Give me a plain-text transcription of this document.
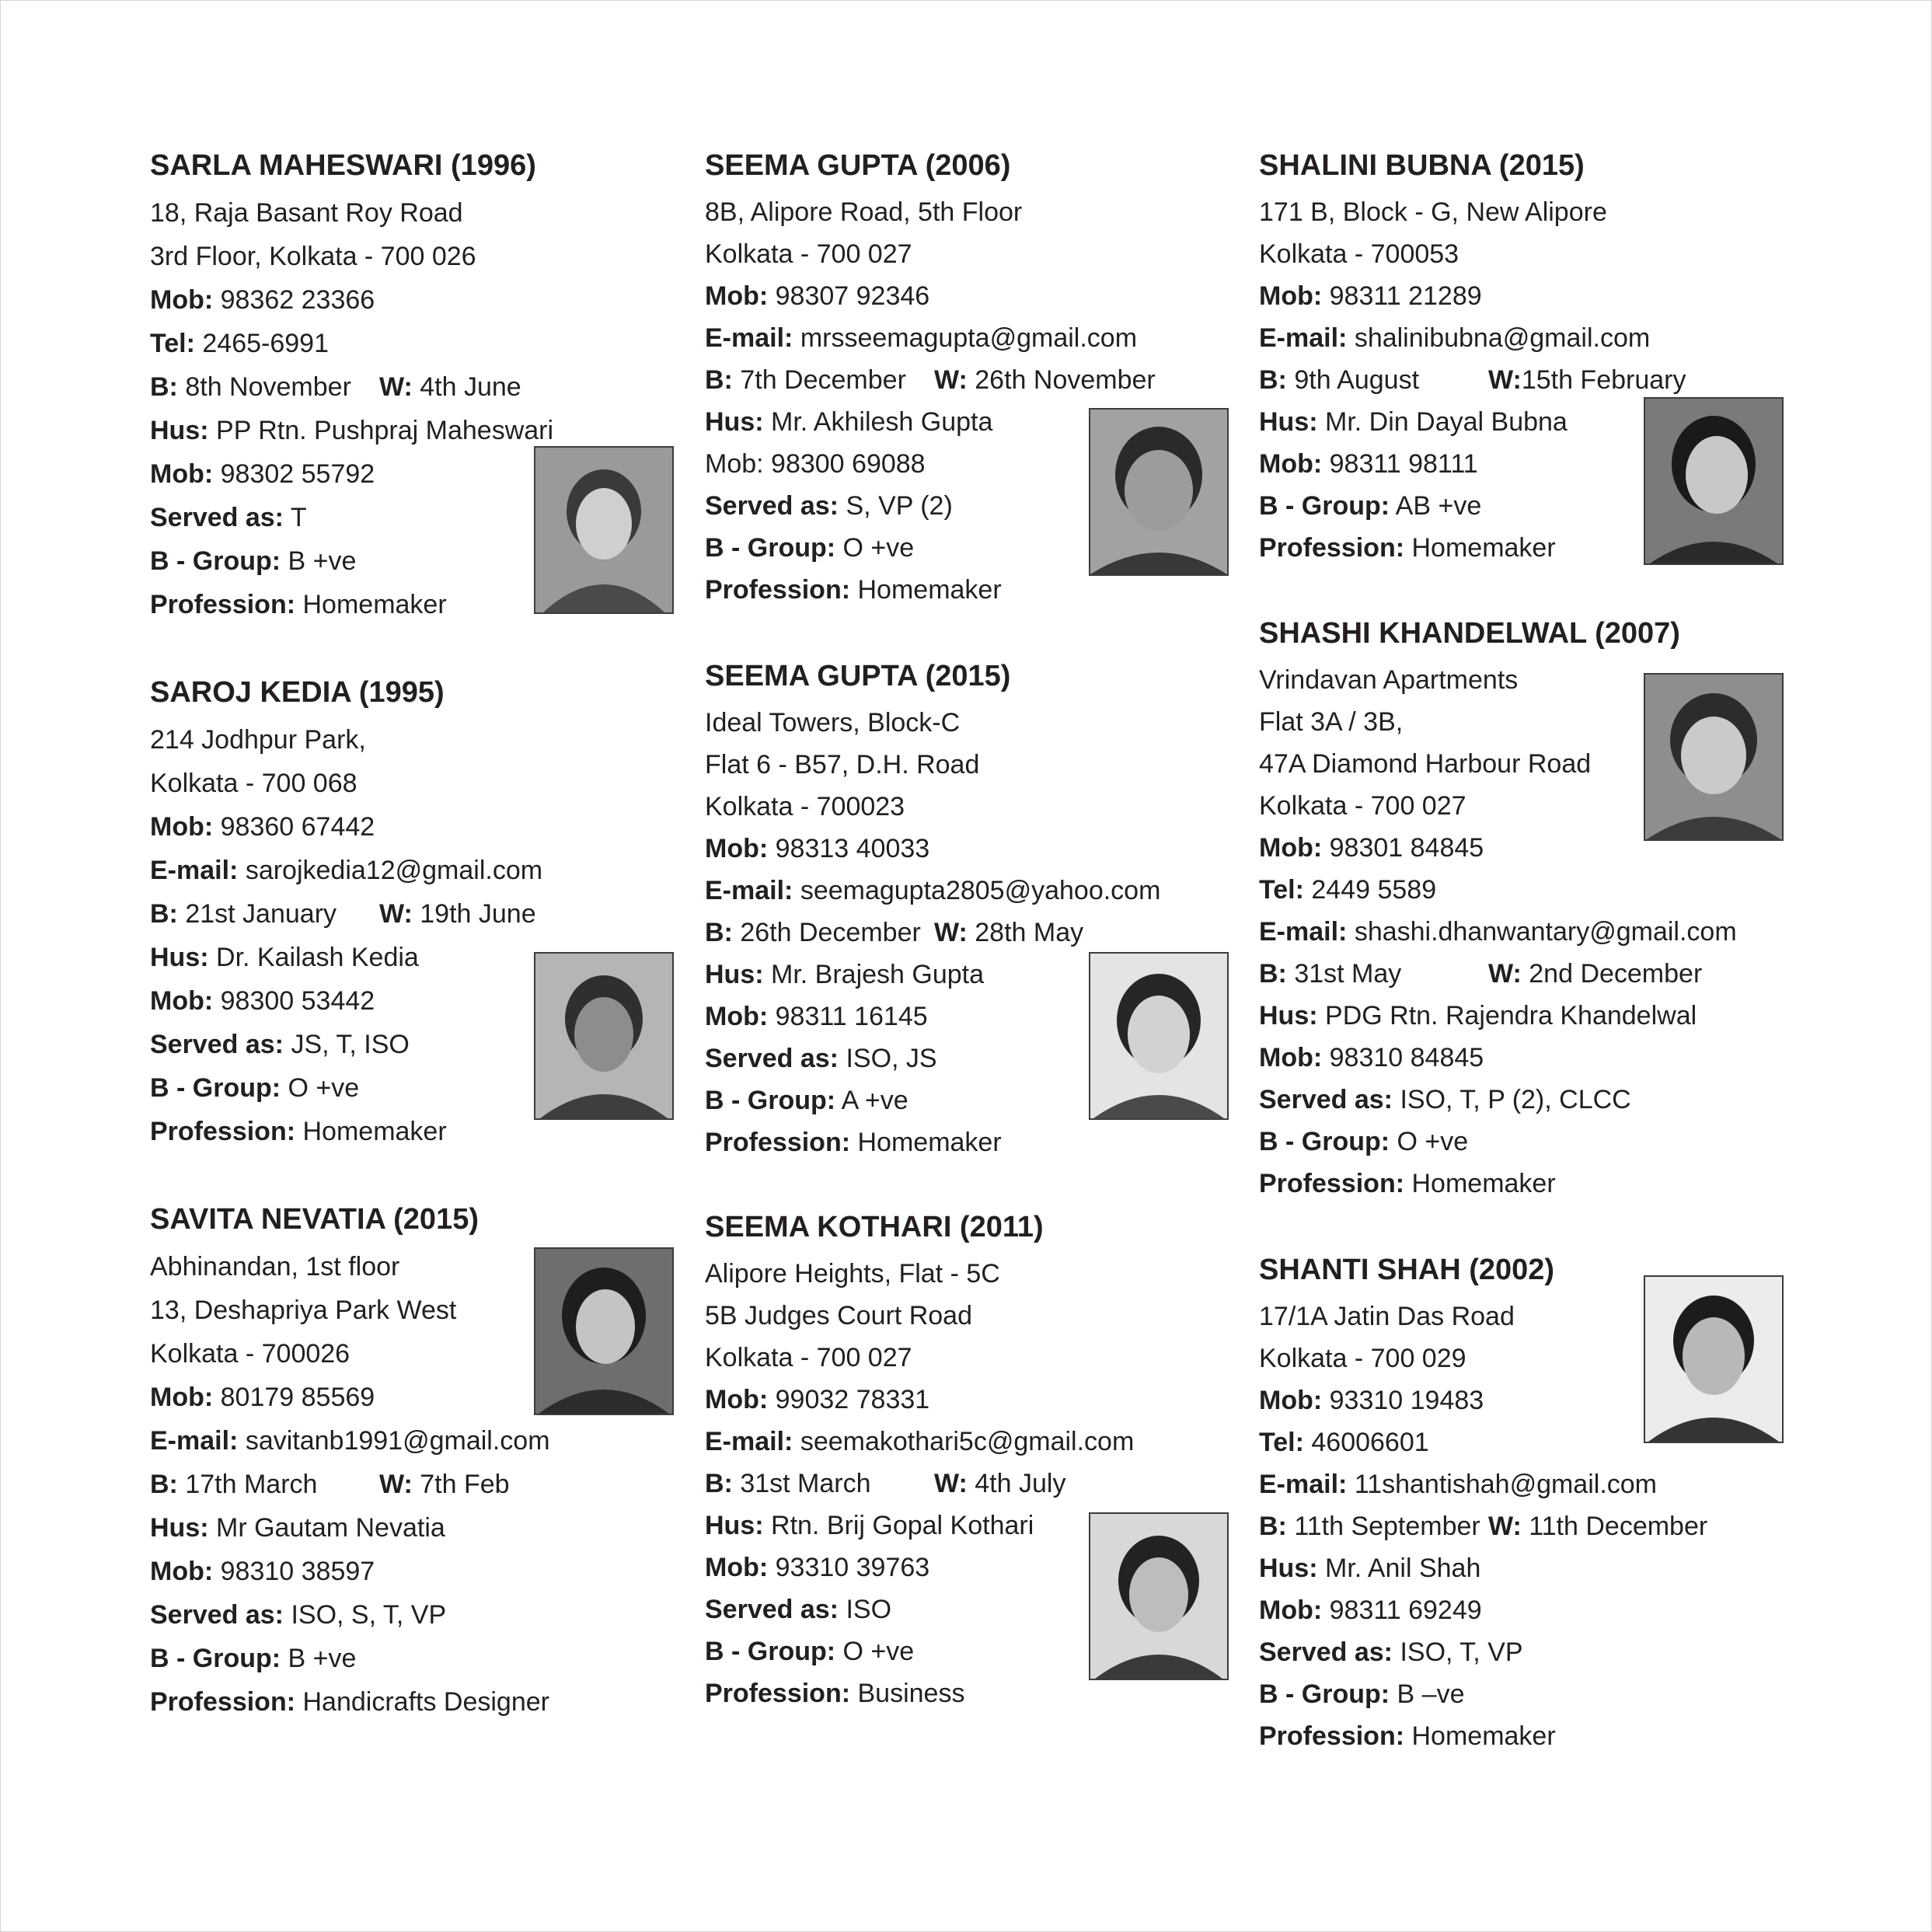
SARLA MAHESWARI (1996)
18, Raja Basant Roy Road
3rd Floor, Kolkata - 700 026
Mob: 98362 23366
Tel: 2465-6991
B: 8th November W: 4th June
Hus: PP Rtn. Pushpraj Maheswari
Mob: 98302 55792
Served as: T
B - Group: B +ve
Profession: Homemaker
SAROJ KEDIA (1995)
214 Jodhpur Park,
Kolkata - 700 068
Mob: 98360 67442
E-mail: sarojkedia12@gmail.com
B: 21st January W: 19th June
Hus: Dr. Kailash Kedia
Mob: 98300 53442
Served as: JS, T, ISO
B - Group: O +ve
Profession: Homemaker
SAVITA NEVATIA (2015)
Abhinandan, 1st floor
13, Deshapriya Park West
Kolkata - 700026
Mob: 80179 85569
E-mail: savitanb1991@gmail.com
B: 17th March W: 7th Feb
Hus: Mr Gautam Nevatia
Mob: 98310 38597
Served as: ISO, S, T, VP
B - Group: B +ve
Profession: Handicrafts Designer
SEEMA GUPTA (2006)
8B, Alipore Road, 5th Floor
Kolkata - 700 027
Mob: 98307 92346
E-mail: mrsseemagupta@gmail.com
B: 7th December W: 26th November
Hus: Mr. Akhilesh Gupta
Mob: 98300 69088
Served as: S, VP (2)
B - Group: O +ve
Profession: Homemaker
SEEMA GUPTA (2015)
Ideal Towers, Block-C
Flat 6 - B57, D.H. Road
Kolkata - 700023
Mob: 98313 40033
E-mail: seemagupta2805@yahoo.com
B: 26th December W: 28th May
Hus: Mr. Brajesh Gupta
Mob: 98311 16145
Served as: ISO, JS
B - Group: A +ve
Profession: Homemaker
SEEMA KOTHARI (2011)
Alipore Heights, Flat - 5C
5B Judges Court Road
Kolkata - 700 027
Mob: 99032 78331
E-mail: seemakothari5c@gmail.com
B: 31st March W: 4th July
Hus: Rtn. Brij Gopal Kothari
Mob: 93310 39763
Served as: ISO
B - Group: O +ve
Profession: Business
SHALINI BUBNA (2015)
171 B, Block - G, New Alipore
Kolkata - 700053
Mob: 98311 21289
E-mail: shalinibubna@gmail.com
B: 9th August	W:15th February
Hus: Mr. Din Dayal Bubna
Mob: 98311 98111
B - Group: AB +ve
Profession: Homemaker
SHASHI KHANDELWAL (2007)
Vrindavan Apartments
Flat 3A / 3B,
47A Diamond Harbour Road
Kolkata - 700 027
Mob: 98301 84845
Tel: 2449 5589
E-mail: shashi.dhanwantary@gmail.com
B: 31st May	W: 2nd December
Hus: PDG Rtn. Rajendra Khandelwal
Mob: 98310 84845
Served as: ISO, T, P (2), CLCC
B - Group: O +ve
Profession: Homemaker
SHANTI SHAH (2002)
17/1A Jatin Das Road
Kolkata - 700 029
Mob: 93310 19483
Tel: 46006601
E-mail: 11shantishah@gmail.com
B: 11th September W: 11th December
Hus: Mr. Anil Shah
Mob: 98311 69249
Served as: ISO, T, VP
B - Group: B –ve
Profession: Homemaker
